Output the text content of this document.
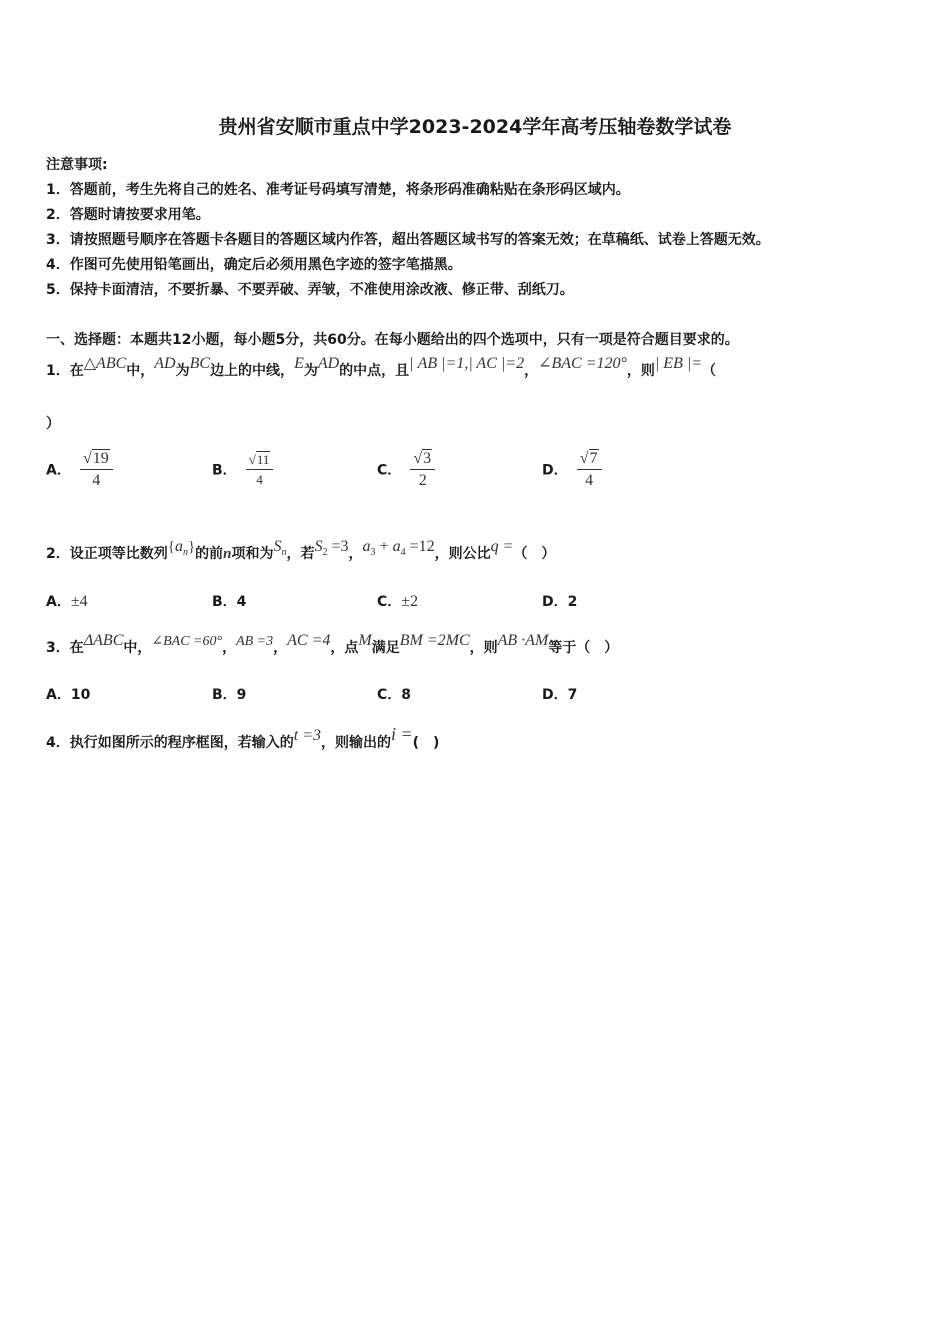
贵州省安顺市重点中学2023-2024学年高考压轴卷数学试卷
注意事项:
1．答题前，考生先将自己的姓名、准考证号码填写清楚，将条形码准确粘贴在条形码区域内。
2．答题时请按要求用笔。
3．请按照题号顺序在答题卡各题目的答题区域内作答，超出答题区域书写的答案无效；在草稿纸、试卷上答题无效。
4．作图可先使用铅笔画出，确定后必须用黑色字迹的签字笔描黑。
5．保持卡面清洁，不要折暴、不要弄破、弄皱，不准使用涂改液、修正带、刮纸刀。
一、选择题：本题共12小题，每小题5分，共60分。在每小题给出的四个选项中，只有一项是符合题目要求的。
1．在△ABC中，AD为BC边上的中线，E为AD的中点，且| AB |=1,| AC |=2，∠BAC =120°，则| EB |=（
）
A． $\frac{√19}{4}$	B． $\frac{√11}{4}$	C． $\frac{√3}{2}$	D． $\frac{√7}{4}$
2．设正项等比数列$\{a_n\}$的前n项和为$S_n$，若$S_2 =3$，$a_3 + a_4 =12$，则公比q =（　）
A．±4	B．4	C．±2	D．2
3．在ΔABC中，∠BAC =60°，AB =3，AC =4，点M满足BM =2MC，则AB ·AM等于（　）
A．10	B．9	C．8	D．7
4．执行如图所示的程序框图，若输入的t =3，则输出的i =(　)
